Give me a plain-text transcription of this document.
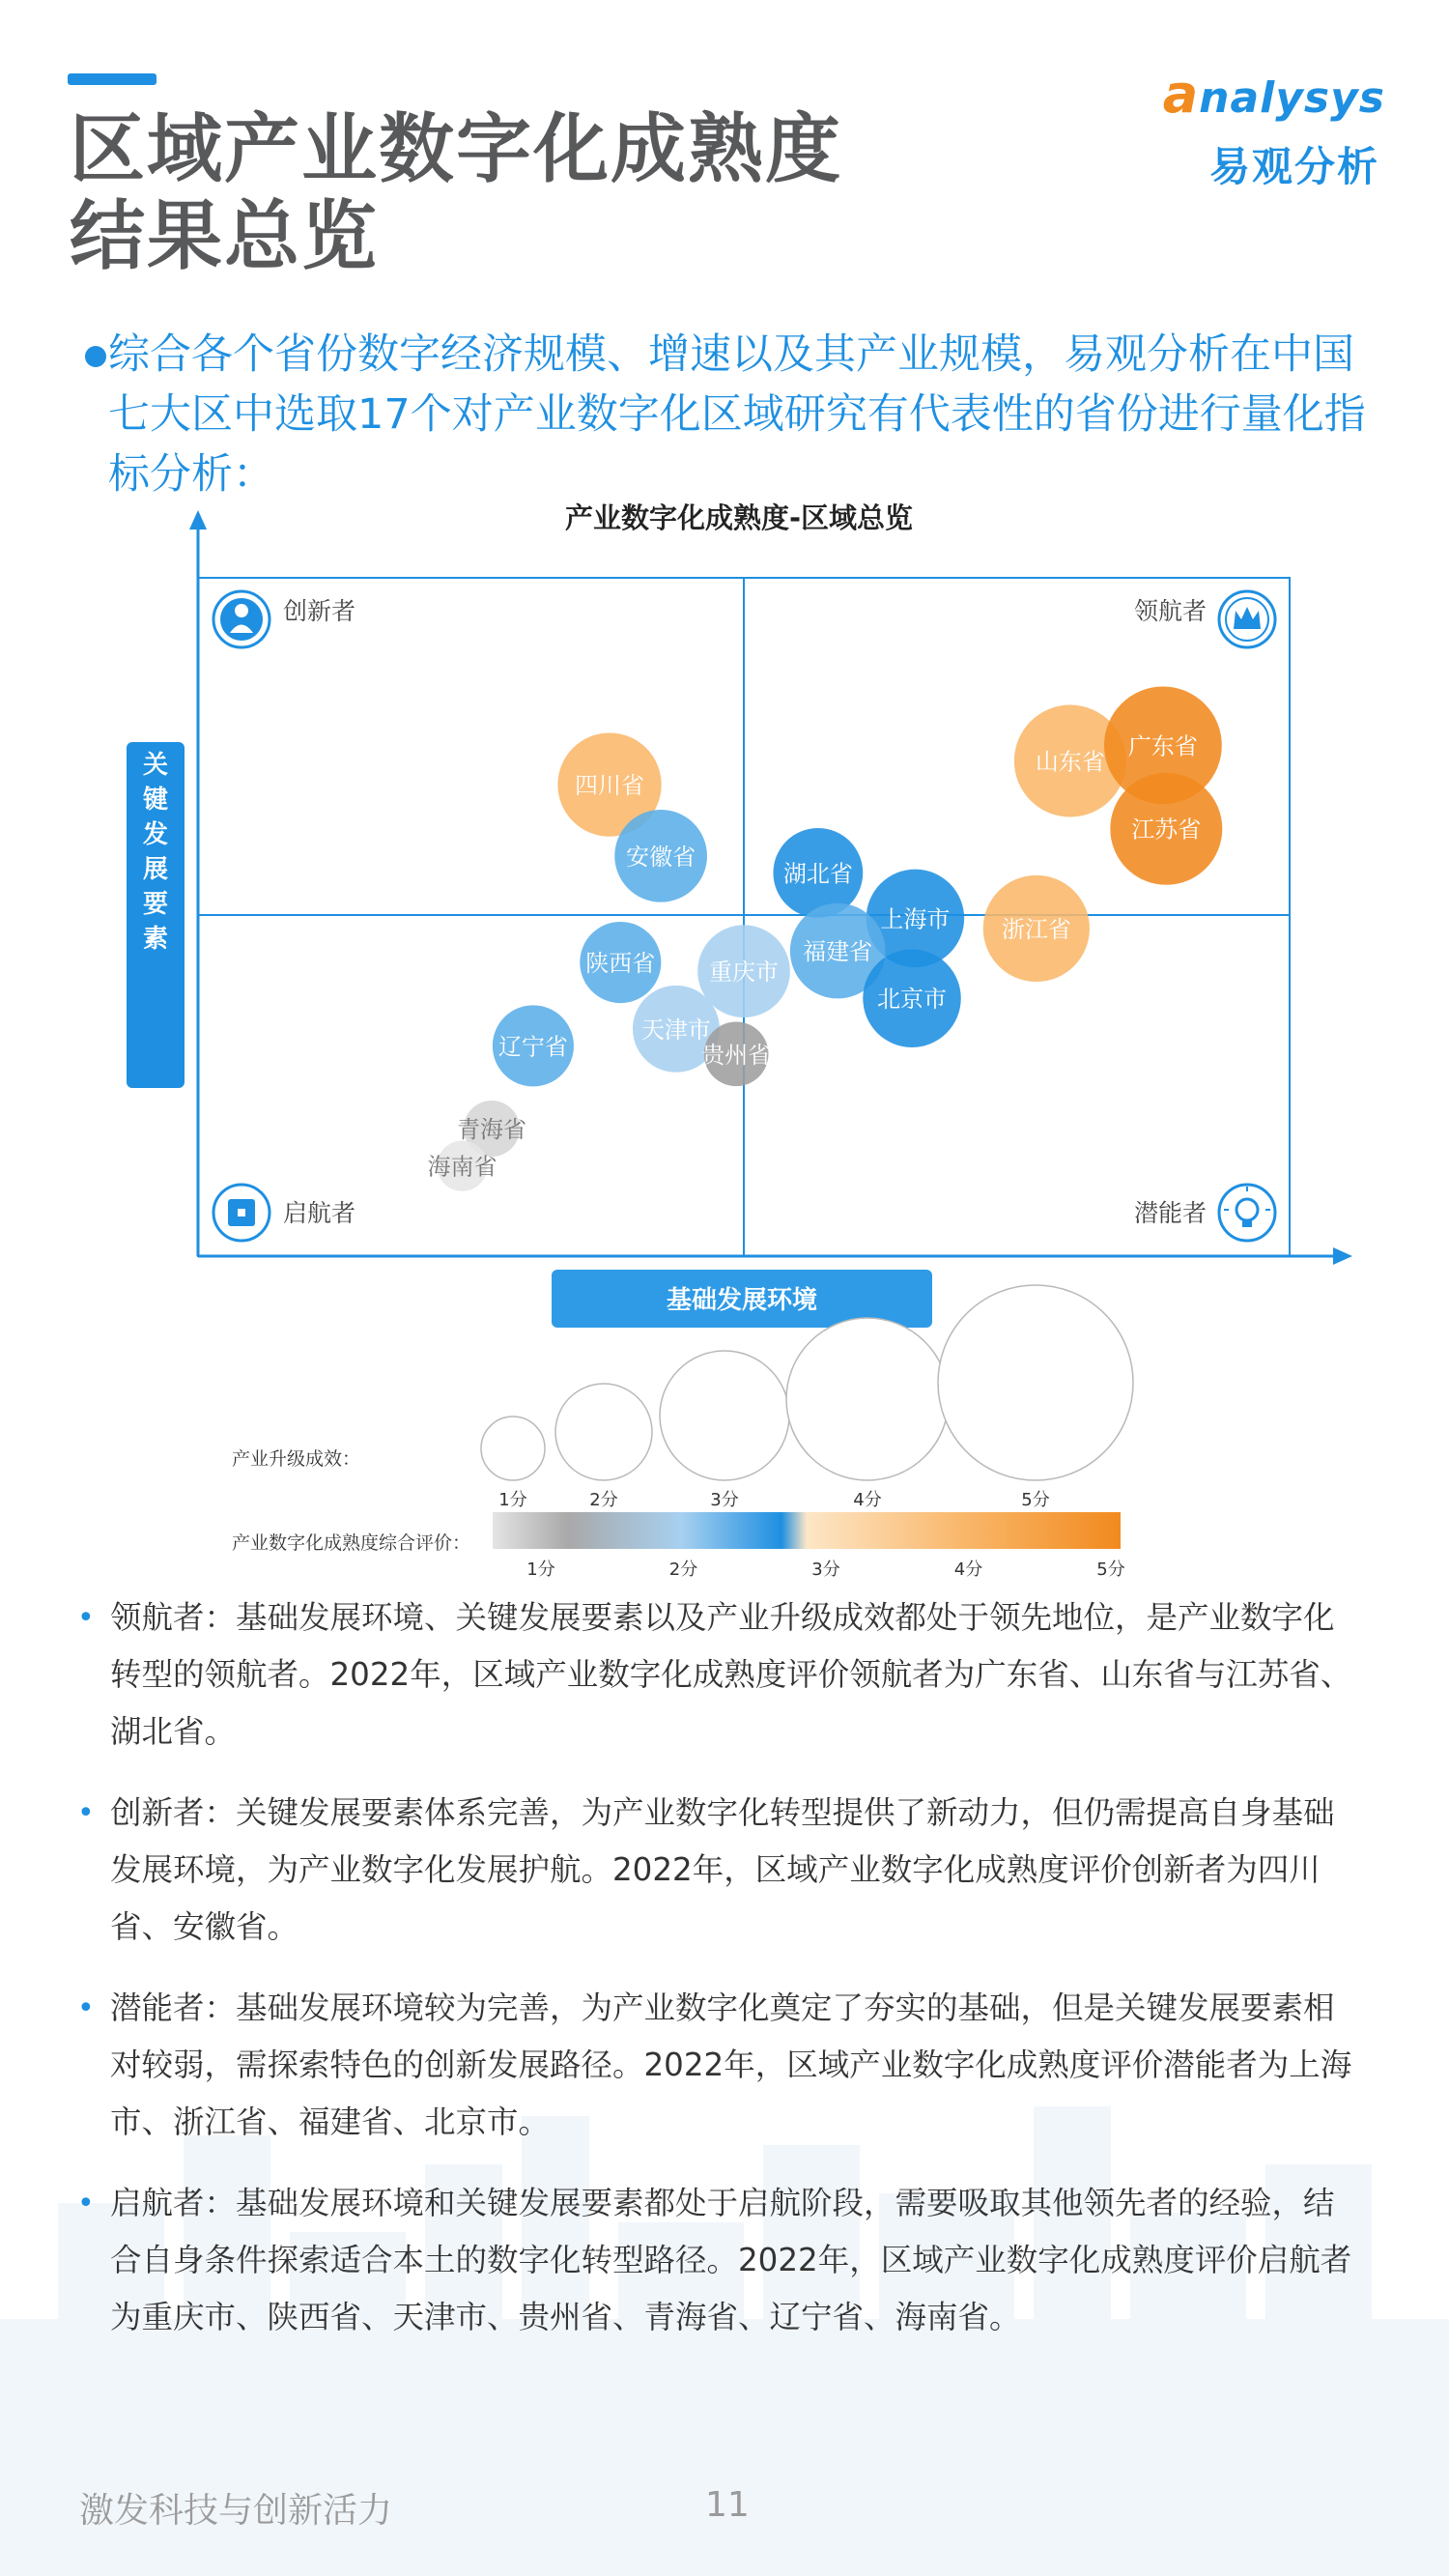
区域产业数字化成熟度
结果总览
analysys
易观分析

综合各个省份数字经济规模、增速以及其产业规模，易观分析在中国七大区中选取17个对产业数字化区域研究有代表性的省份进行量化指标分析：

产业数字化成熟度-区域总览
创新者	领航者
启航者	潜能者
关键发展要素
基础发展环境
山东省
广东省
江苏省
浙江省
四川省
安徽省
湖北省
上海市
福建省
北京市
重庆市
陕西省
天津市
贵州省
辽宁省
青海省
海南省
产业升级成效：
1分	2分	3分	4分	5分
产业数字化成熟度综合评价：
1分	2分	3分	4分	5分

• 领航者：基础发展环境、关键发展要素以及产业升级成效都处于领先地位，是产业数字化转型的领航者。2022年，区域产业数字化成熟度评价领航者为广东省、山东省与江苏省、湖北省。

• 创新者：关键发展要素体系完善，为产业数字化转型提供了新动力，但仍需提高自身基础发展环境，为产业数字化发展护航。2022年，区域产业数字化成熟度评价创新者为四川省、安徽省。

• 潜能者：基础发展环境较为完善，为产业数字化奠定了夯实的基础，但是关键发展要素相对较弱，需探索特色的创新发展路径。2022年，区域产业数字化成熟度评价潜能者为上海市、浙江省、福建省、北京市。

• 启航者：基础发展环境和关键发展要素都处于启航阶段，需要吸取其他领先者的经验，结合自身条件探索适合本土的数字化转型路径。2022年，区域产业数字化成熟度评价启航者为重庆市、陕西省、天津市、贵州省、青海省、辽宁省、海南省。

激发科技与创新活力	11
